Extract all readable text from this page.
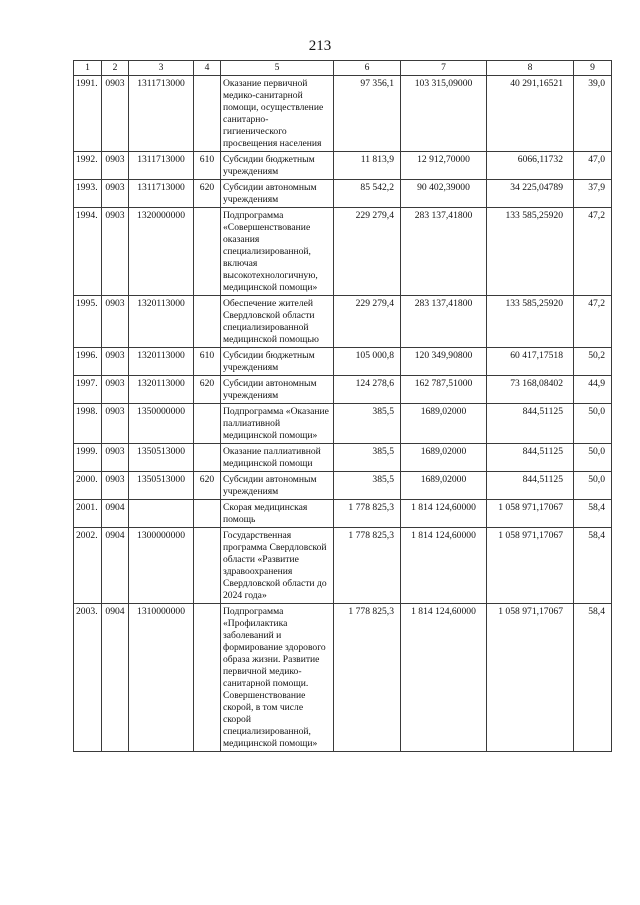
213
1	2	3	4	5	6	7	8	9
1991.	0903	1311713000		Оказание первичной медико-санитарной помощи, осуществление санитарно-гигиенического просвещения населения	97 356,1	103 315,09000	40 291,16521	39,0
1992.	0903	1311713000	610	Субсидии бюджетным учреждениям	11 813,9	12 912,70000	6066,11732	47,0
1993.	0903	1311713000	620	Субсидии автономным учреждениям	85 542,2	90 402,39000	34 225,04789	37,9
1994.	0903	1320000000		Подпрограмма «Совершенствование оказания специализированной, включая высокотехнологичную, медицинской помощи»	229 279,4	283 137,41800	133 585,25920	47,2
1995.	0903	1320113000		Обеспечение жителей Свердловской области специализированной медицинской помощью	229 279,4	283 137,41800	133 585,25920	47,2
1996.	0903	1320113000	610	Субсидии бюджетным учреждениям	105 000,8	120 349,90800	60 417,17518	50,2
1997.	0903	1320113000	620	Субсидии автономным учреждениям	124 278,6	162 787,51000	73 168,08402	44,9
1998.	0903	1350000000		Подпрограмма «Оказание паллиативной медицинской помощи»	385,5	1689,02000	844,51125	50,0
1999.	0903	1350513000		Оказание паллиативной медицинской помощи	385,5	1689,02000	844,51125	50,0
2000.	0903	1350513000	620	Субсидии автономным учреждениям	385,5	1689,02000	844,51125	50,0
2001.	0904			Скорая медицинская помощь	1 778 825,3	1 814 124,60000	1 058 971,17067	58,4
2002.	0904	1300000000		Государственная программа Свердловской области «Развитие здравоохранения Свердловской области до 2024 года»	1 778 825,3	1 814 124,60000	1 058 971,17067	58,4
2003.	0904	1310000000		Подпрограмма «Профилактика заболеваний и формирование здорового образа жизни. Развитие первичной медико-санитарной помощи. Совершенствование скорой, в том числе скорой специализированной, медицинской помощи»	1 778 825,3	1 814 124,60000	1 058 971,17067	58,4
